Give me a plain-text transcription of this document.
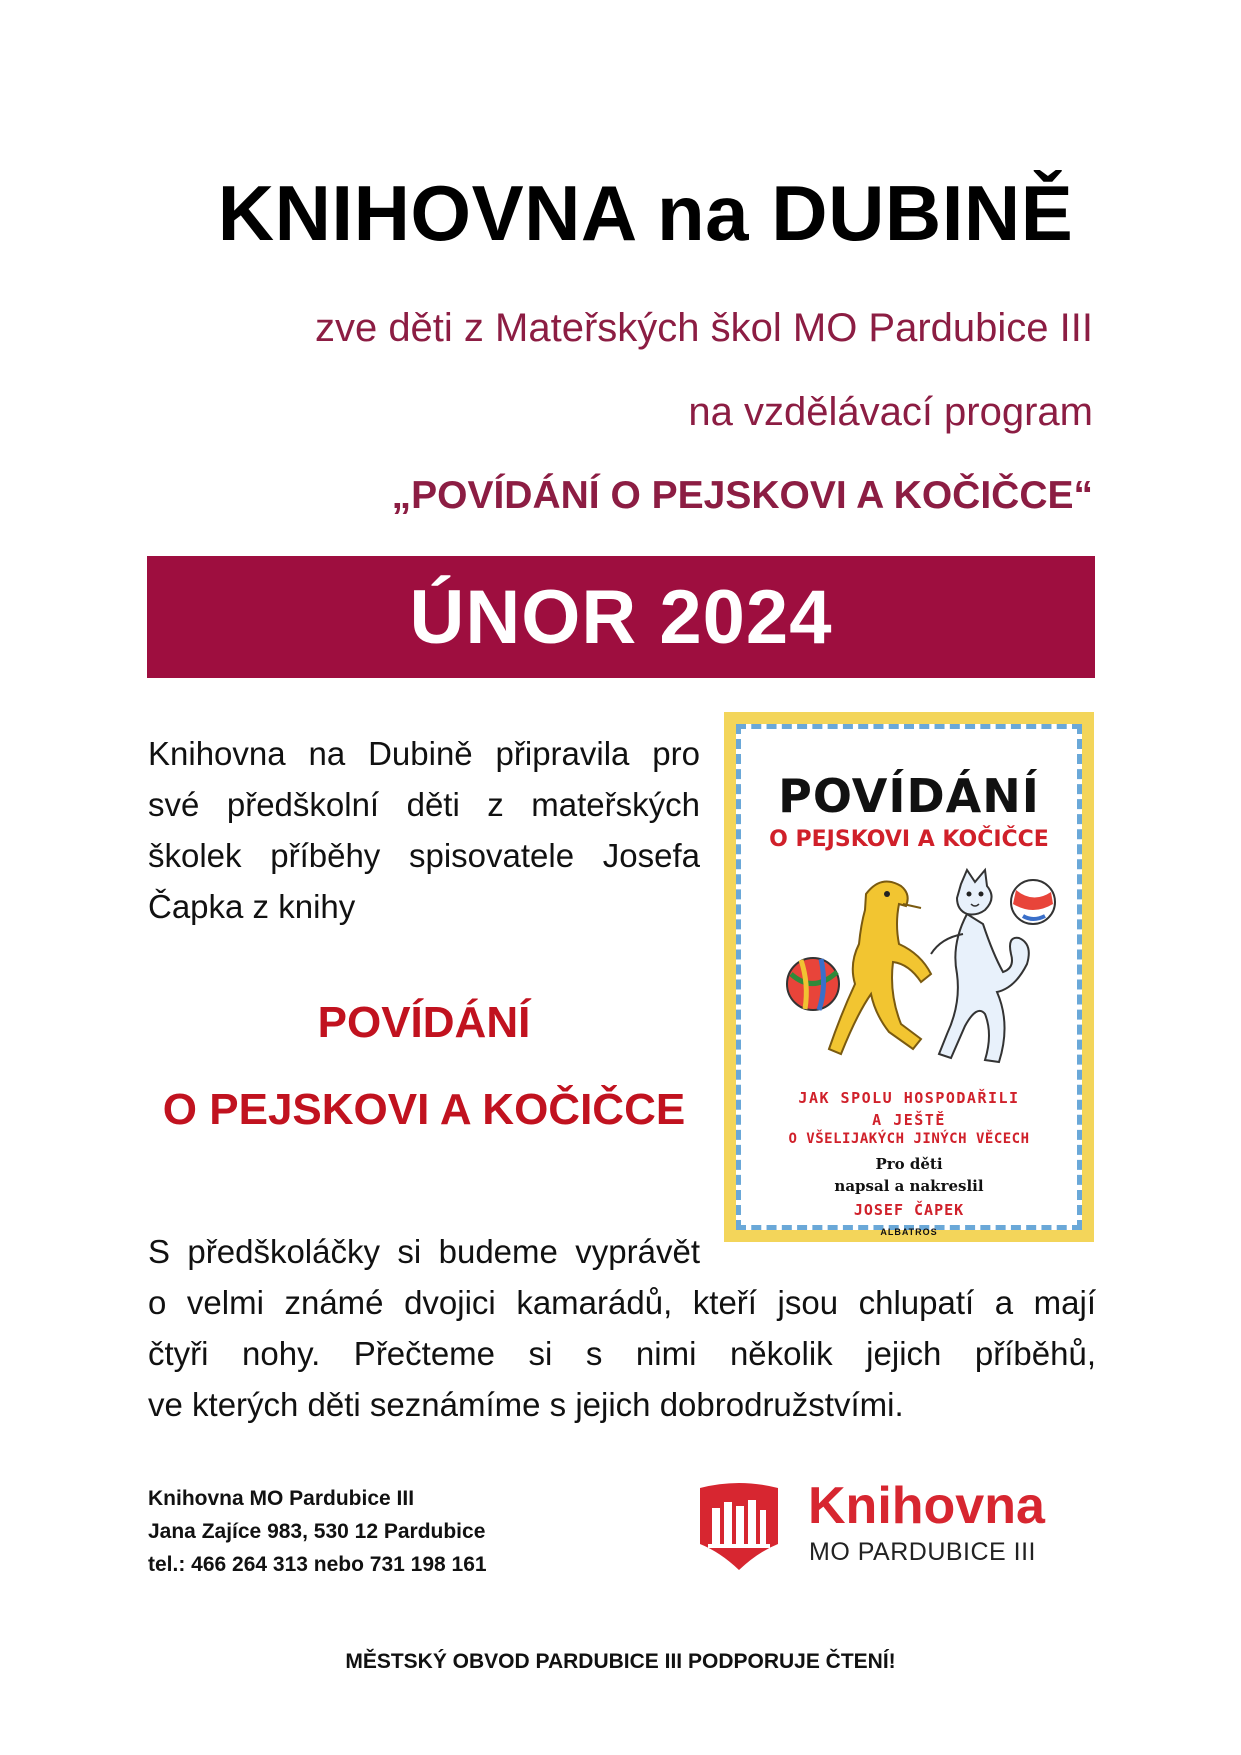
KNIHOVNA na DUBINĚ
zve děti z Mateřských škol MO Pardubice III
na vzdělávací program
„POVÍDÁNÍ O PEJSKOVI A KOČIČCE“
ÚNOR 2024
Knihovna na Dubině připravila pro
své předškolní děti z mateřských
školek příběhy spisovatele Josefa
Čapka z knihy
POVÍDÁNÍ
O PEJSKOVI A KOČIČCE
POVÍDÁNÍ
O PEJSKOVI A KOČIČCE
JAK SPOLU HOSPODAŘILI
A JEŠTĚ
O VŠELIJAKÝCH JINÝCH VĚCECH
Pro děti
napsal a nakreslil
JOSEF ČAPEK
ALBATROS
S předškoláčky si budeme vyprávět
o velmi známé dvojici kamarádů, kteří jsou chlupatí a mají
čtyři nohy. Přečteme si s nimi několik jejich příběhů,
ve kterých děti seznámíme s jejich dobrodružstvími.
Knihovna MO Pardubice III
Jana Zajíce 983, 530 12 Pardubice
tel.: 466 264 313 nebo 731 198 161
Knihovna
MO PARDUBICE III
MĚSTSKÝ OBVOD PARDUBICE III PODPORUJE ČTENÍ!
